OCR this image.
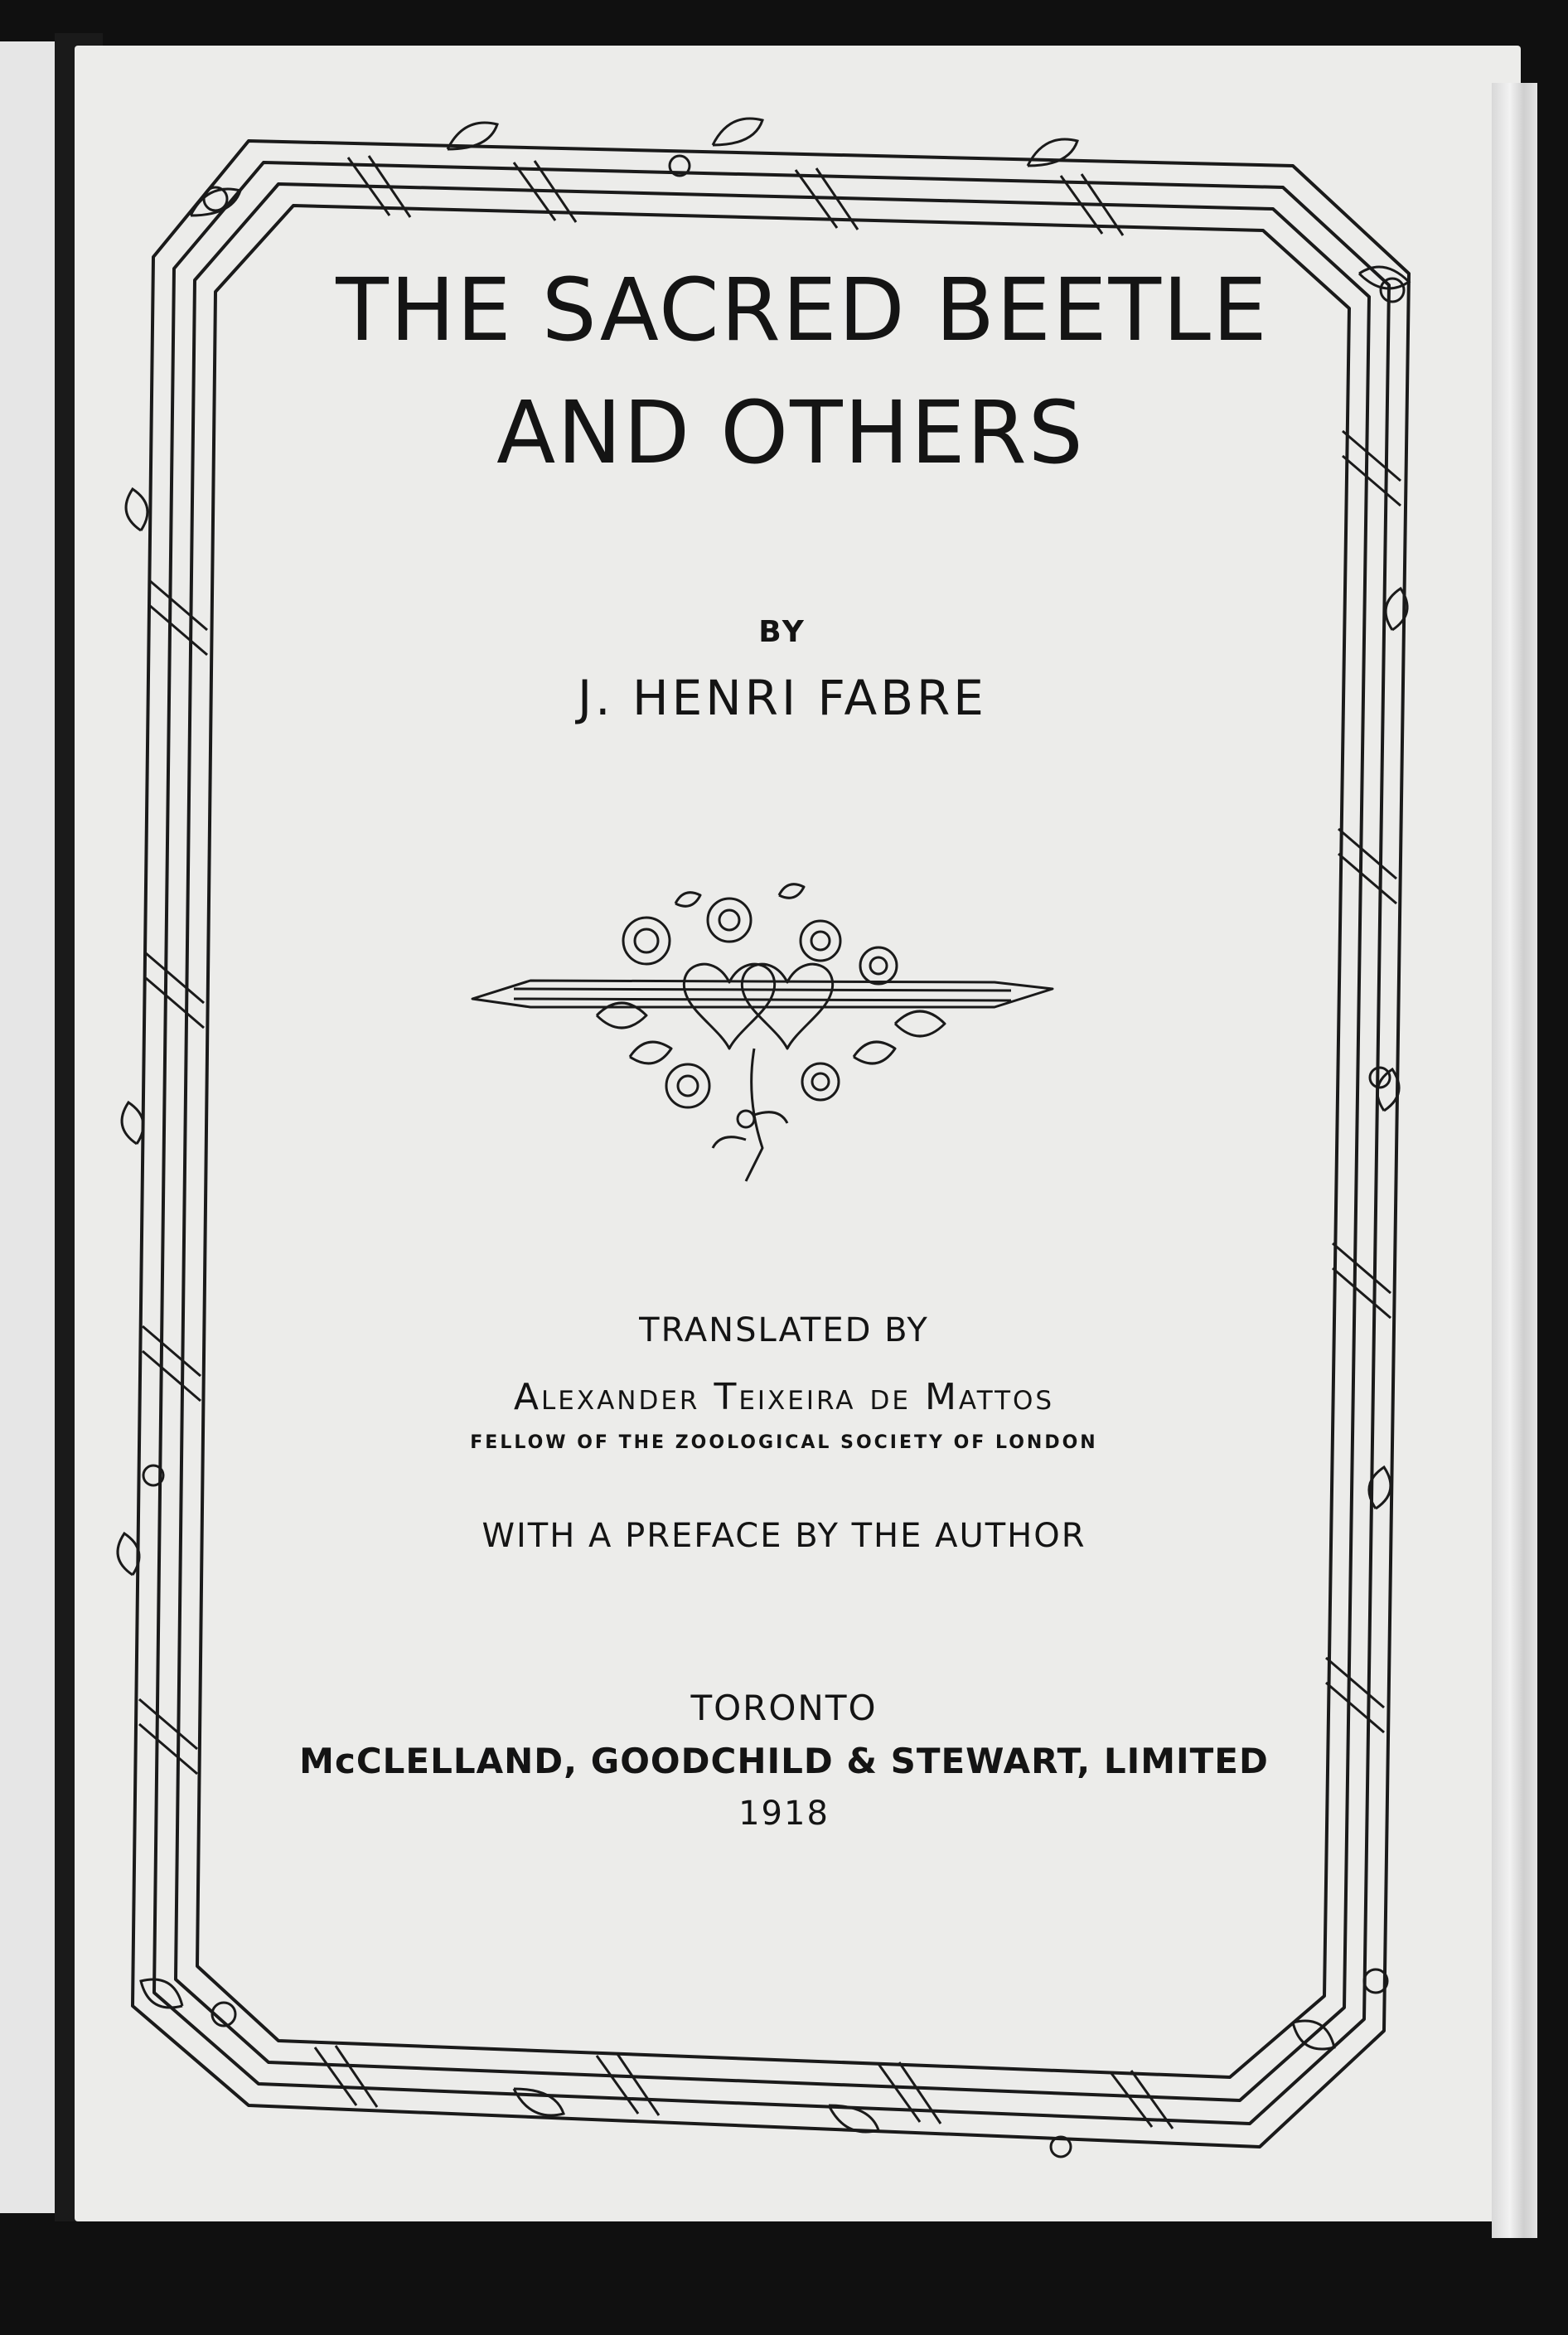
THE SACRED BEETLE
AND OTHERS
BY
J. HENRI FABRE
TRANSLATED BY
Alexander Teixeira de Mattos
FELLOW OF THE ZOOLOGICAL SOCIETY OF LONDON
WITH A PREFACE BY THE AUTHOR
TORONTO
McCLELLAND, GOODCHILD & STEWART, LIMITED
1918
